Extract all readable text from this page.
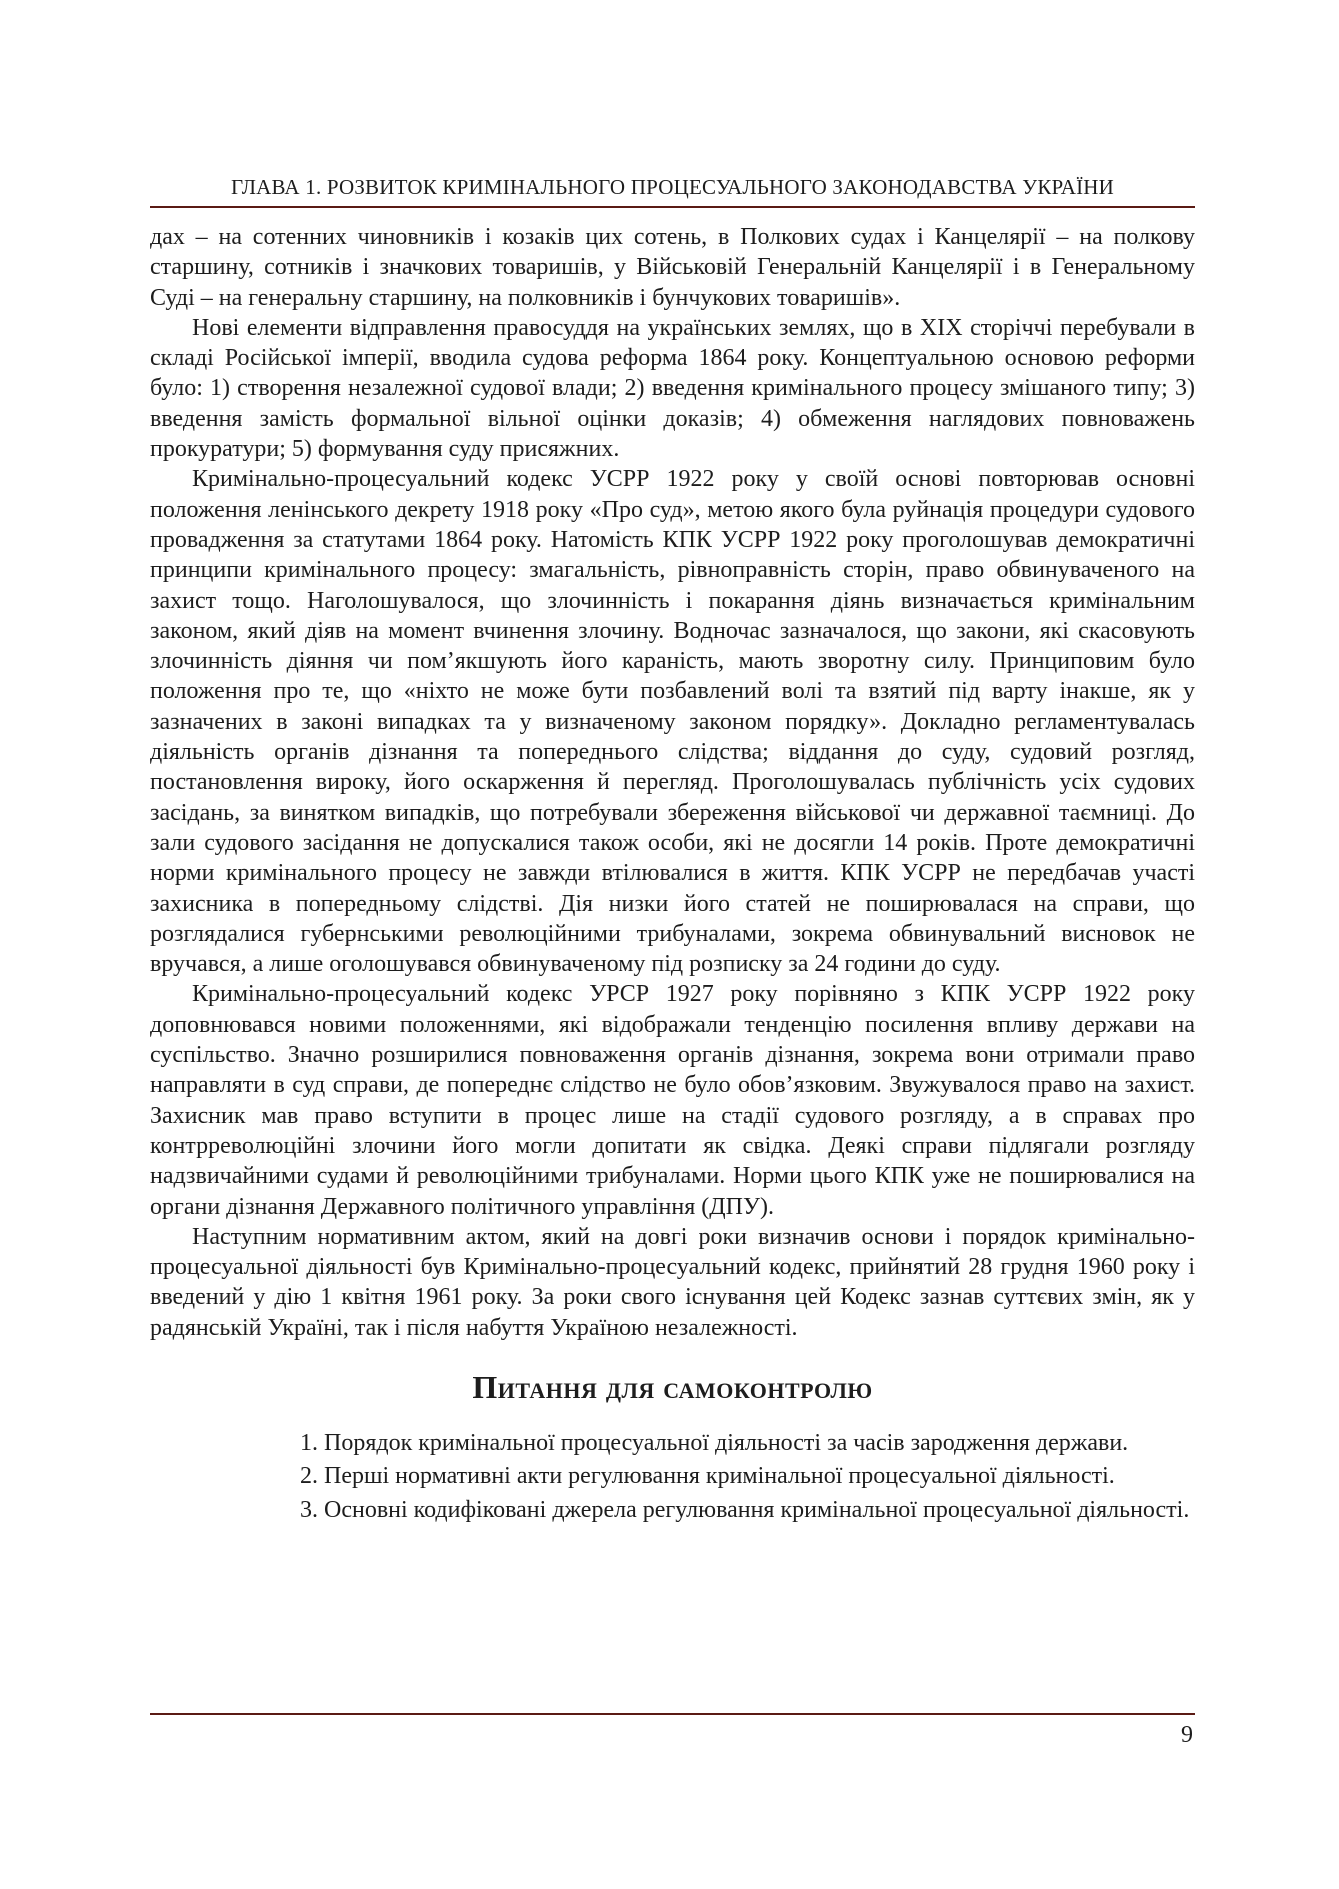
ГЛАВА 1. РОЗВИТОК КРИМІНАЛЬНОГО ПРОЦЕСУАЛЬНОГО ЗАКОНОДАВСТВА УКРАЇНИ

дах – на сотенних чиновників і козаків цих сотень, в Полкових судах і Канцелярії – на полкову старшину, сотників і значкових товаришів, у Військовій Генеральній Канцелярії і в Генеральному Суді – на генеральну старшину, на полковників і бунчукових товаришів».

Нові елементи відправлення правосуддя на українських землях, що в ХІХ сторіччі перебували в складі Російської імперії, вводила судова реформа 1864 року. Концептуальною основою реформи було: 1) створення незалежної судової влади; 2) введення кримінального процесу змішаного типу; 3) введення замість формальної вільної оцінки доказів; 4) обмеження наглядових повноважень прокуратури; 5) формування суду присяжних.

Кримінально-процесуальний кодекс УСРР 1922 року у своїй основі повторював основні положення ленінського декрету 1918 року «Про суд», метою якого була руйнація процедури судового провадження за статутами 1864 року. Натомість КПК УСРР 1922 року проголошував демократичні принципи кримінального процесу: змагальність, рівноправність сторін, право обвинуваченого на захист тощо. Наголошувалося, що злочинність і покарання діянь визначається кримінальним законом, який діяв на момент вчинення злочину. Водночас зазначалося, що закони, які скасовують злочинність діяння чи пом’якшують його караність, мають зворотну силу. Принциповим було положення про те, що «ніхто не може бути позбавлений волі та взятий під варту інакше, як у зазначених в законі випадках та у визначеному законом порядку». Докладно регламентувалась діяльність органів дізнання та попереднього слідства; віддання до суду, судовий розгляд, постановлення вироку, його оскарження й перегляд. Проголошувалась публічність усіх судових засідань, за винятком випадків, що потребували збереження військової чи державної таємниці. До зали судового засідання не допускалися також особи, які не досягли 14 років. Проте демократичні норми кримінального процесу не завжди втілювалися в життя. КПК УСРР не передбачав участі захисника в попередньому слідстві. Дія низки його статей не поширювалася на справи, що розглядалися губернськими революційними трибуналами, зокрема обвинувальний висновок не вручався, а лише оголошувався обвинуваченому під розписку за 24 години до суду.

Кримінально-процесуальний кодекс УРСР 1927 року порівняно з КПК УСРР 1922 року доповнювався новими положеннями, які відображали тенденцію посилення впливу держави на суспільство. Значно розширилися повноваження органів дізнання, зокрема вони отримали право направляти в суд справи, де попереднє слідство не було обов’язковим. Звужувалося право на захист. Захисник мав право вступити в процес лише на стадії судового розгляду, а в справах про контрреволюційні злочини його могли допитати як свідка. Деякі справи підлягали розгляду надзвичайними судами й революційними трибуналами. Норми цього КПК уже не поширювалися на органи дізнання Державного політичного управління (ДПУ).

Наступним нормативним актом, який на довгі роки визначив основи і порядок кримінально-процесуальної діяльності був Кримінально-процесуальний кодекс, прийнятий 28 грудня 1960 року і введений у дію 1 квітня 1961 року. За роки свого існування цей Кодекс зазнав суттєвих змін, як у радянській Україні, так і після набуття Україною незалежності.

Питання для самоконтролю
1. Порядок кримінальної процесуальної діяльності за часів зародження держави.
2. Перші нормативні акти регулювання кримінальної процесуальної діяльності.
3. Основні кодифіковані джерела регулювання кримінальної процесуальної діяльності.
9
